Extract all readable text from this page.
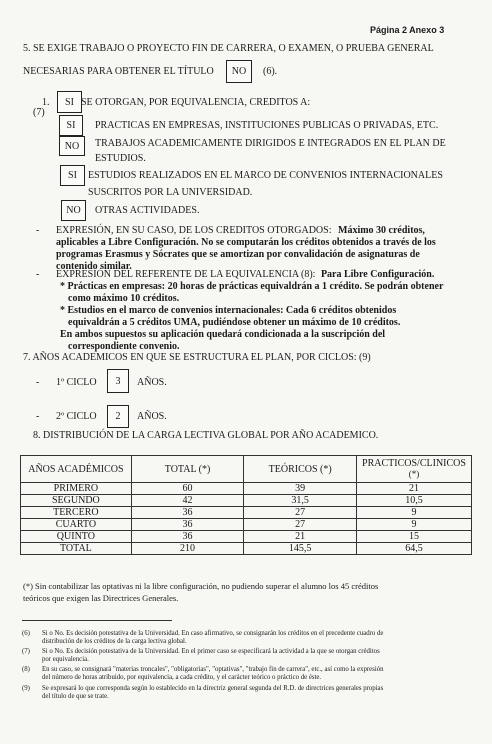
Página 2 Anexo 3
5. SE EXIGE TRABAJO O PROYECTO FIN DE CARRERA, O EXAMEN, O PRUEBA GENERAL
NECESARIAS PARA OBTENER EL TÍTULO	NO	(6).
1.	SI SE OTORGAN, POR EQUIVALENCIA, CREDITOS A:
(7)
SI	PRACTICAS EN EMPRESAS, INSTITUCIONES PUBLICAS O PRIVADAS, ETC.
NO	TRABAJOS ACADEMICAMENTE DIRIGIDOS E INTEGRADOS EN EL PLAN DE
ESTUDIOS.
SI	ESTUDIOS REALIZADOS EN EL MARCO DE CONVENIOS INTERNACIONALES
SUSCRITOS POR LA UNIVERSIDAD.
NO	OTRAS ACTIVIDADES.
- EXPRESIÓN, EN SU CASO, DE LOS CREDITOS OTORGADOS: Máximo 30 créditos,
aplicables a Libre Configuración. No se computarán los créditos obtenidos a través de los
programas Erasmus y Sócrates que se amortizan por convalidación de asignaturas de
contenido similar.
- EXPRESIÓN DEL REFERENTE DE LA EQUIVALENCIA (8): Para Libre Configuración.
* Prácticas en empresas: 20 horas de prácticas equivaldrán a 1 crédito. Se podrán obtener
como máximo 10 créditos.
* Estudios en el marco de convenios internacionales: Cada 6 créditos obtenidos
equivaldrán a 5 créditos UMA, pudiéndose obtener un máximo de 10 créditos.
En ambos supuestos su aplicación quedará condicionada a la suscripción del
correspondiente convenio.
7. AÑOS ACADEMICOS EN QUE SE ESTRUCTURA EL PLAN, POR CICLOS: (9)
- 1º CICLO	3	AÑOS.
- 2º CICLO	2	AÑOS.
8. DISTRIBUCIÓN DE LA CARGA LECTIVA GLOBAL POR AÑO ACADEMICO.
AÑOS ACADÉMICOS	TOTAL (*)	TEÓRICOS (*)	PRACTICOS/CLINICOS
(*)

PRIMERO	60	39	21
SEGUNDO	42	31,5	10,5
TERCERO	36	27	9
CUARTO	36	27	9
QUINTO	36	21	15
TOTAL	210	145,5	64,5
(*) Sin contabilizar las optativas ni la libre configuración, no pudiendo superar el alumno los 45 créditos
teóricos que exigen las Directrices Generales.
(6) Si o No. Es decisión potestativa de la Universidad. En caso afirmativo, se consignarán los créditos en el precedente cuadro de
distribución de los créditos de la carga lectiva global.
(7) Si o No. Es decisión potestativa de la Universidad. En el primer caso se especificará la actividad a la que se otorgan créditos
por equivalencia.
(8) En su caso, se consignará "materias troncales", "obligatorias", "optativas", "trabajo fin de carrera", etc., así como la expresión
del número de horas atribuido, por equivalencia, a cada crédito, y el carácter teórico o práctico de éste.
(9) Se expresará lo que corresponda según lo establecido en la directriz general segunda del R.D. de directrices generales propias
del título de que se trate.
